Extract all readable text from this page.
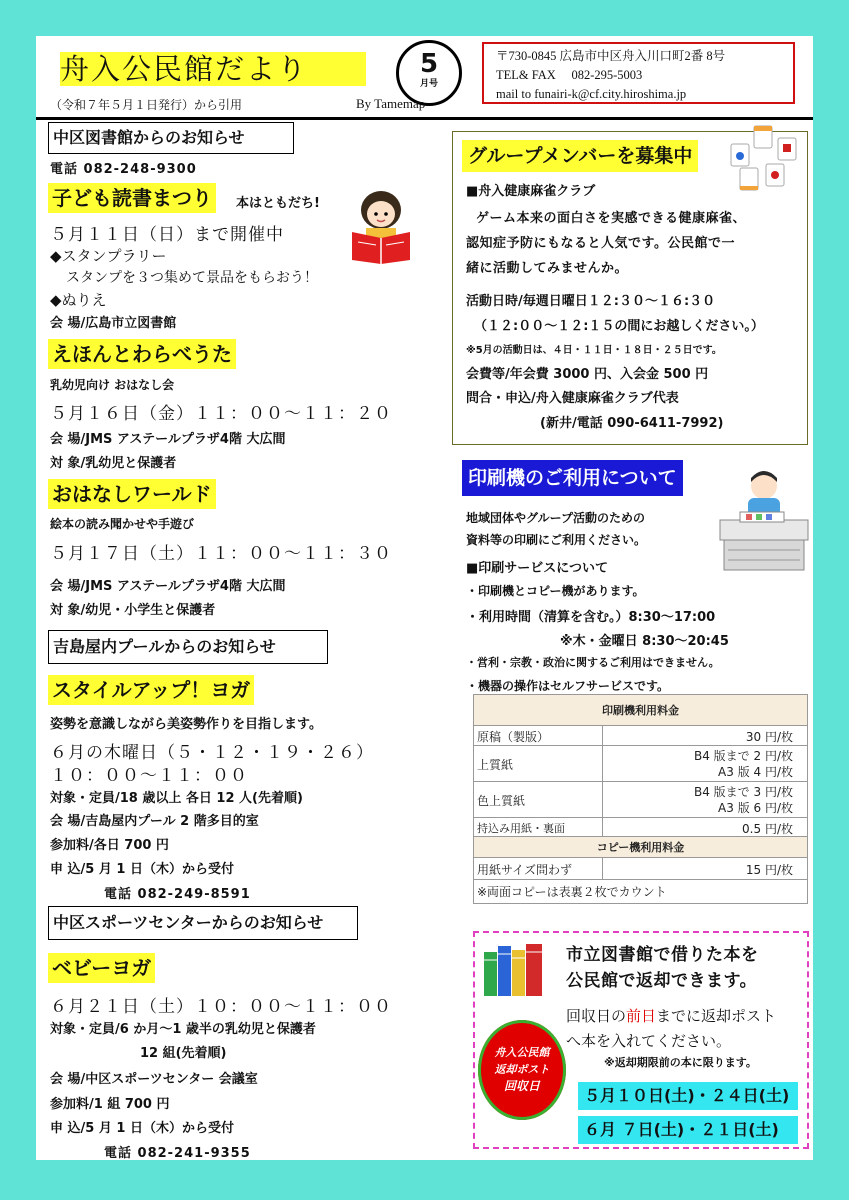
舟入公民館だより	5
月号
（令和７年５月１日発行）から引用	By Tamemap
〒730-0845 広島市中区舟入川口町2番 8号
TEL& FAX　 082-295-5003
mail to funairi-k@cf.city.hiroshima.jp
中区図書館からのお知らせ
電話 082-248-9300
子ども読書まつり	本はともだち!
５月１１日（日）まで開催中
◆スタンプラリー
スタンプを３つ集めて景品をもらおう！
◆ぬりえ
会 場/広島市立図書館
えほんとわらべうた
乳幼児向け おはなし会
５月１６日（金）１１：００～１１：２０
会 場/JMS アステールプラザ4階 大広間
対 象/乳幼児と保護者
おはなしワールド
絵本の読み聞かせや手遊び
５月１７日（土）１１：００～１１：３０
会 場/JMS アステールプラザ4階 大広間
対 象/幼児・小学生と保護者
吉島屋内プールからのお知らせ
スタイルアップ！ヨガ
姿勢を意識しながら美姿勢作りを目指します。
６月の木曜日（５・１２・１９・２６）
１０：００～１１：００
対象・定員/18 歳以上 各日 12 人(先着順)
会 場/吉島屋内プール 2 階多目的室
参加料/各日 700 円
申 込/5 月 1 日（木）から受付
電話 082-249-8591
中区スポーツセンターからのお知らせ
ベビーヨガ
６月２１日（土）１０：００～１１：００
対象・定員/6 か月～1 歳半の乳幼児と保護者
12 組(先着順)
会 場/中区スポーツセンター 会議室
参加料/1 組 700 円
申 込/5 月 1 日（木）から受付
電話 082-241-9355
グループメンバーを募集中
■舟入健康麻雀クラブ
ゲーム本来の面白さを実感できる健康麻雀、
認知症予防にもなると人気です。公民館で一
緒に活動してみませんか。
活動日時/毎週日曜日１２:３０～１６:３０
（１２:００～１２:１５の間にお越しください。）
※5月の活動日は、４日・１１日・１８日・２５日です。
会費等/年会費 3000 円、入会金 500 円
問合・申込/舟入健康麻雀クラブ代表
(新井/電話 090-6411-7992)
印刷機のご利用について
地域団体やグループ活動のための
資料等の印刷にご利用ください。
■印刷サービスについて
・印刷機とコピー機があります。
・利用時間（清算を含む。）8:30～17:00
※木・金曜日 8:30～20:45
・営利・宗教・政治に関するご利用はできません。
・機器の操作はセルフサービスです。
印刷機利用料金
原稿（製版）	30 円/枚
上質紙
B4 版まで 2 円/枚
A3 版 4 円/枚
色上質紙
B4 版まで 3 円/枚
A3 版 6 円/枚
持込み用紙・裏面	0.5 円/枚
コピー機利用料金
用紙サイズ問わず	15 円/枚
※両面コピーは表裏２枚でカウント
市立図書館で借りた本を
公民館で返却できます。
回収日の前日までに返却ポスト
へ本を入れてください。
※返却期限前の本に限ります。
舟入公民館
返却ポスト
回収日	５月１０日(土)・２４日(土)
６月 ７日(土)・２１日(土)
